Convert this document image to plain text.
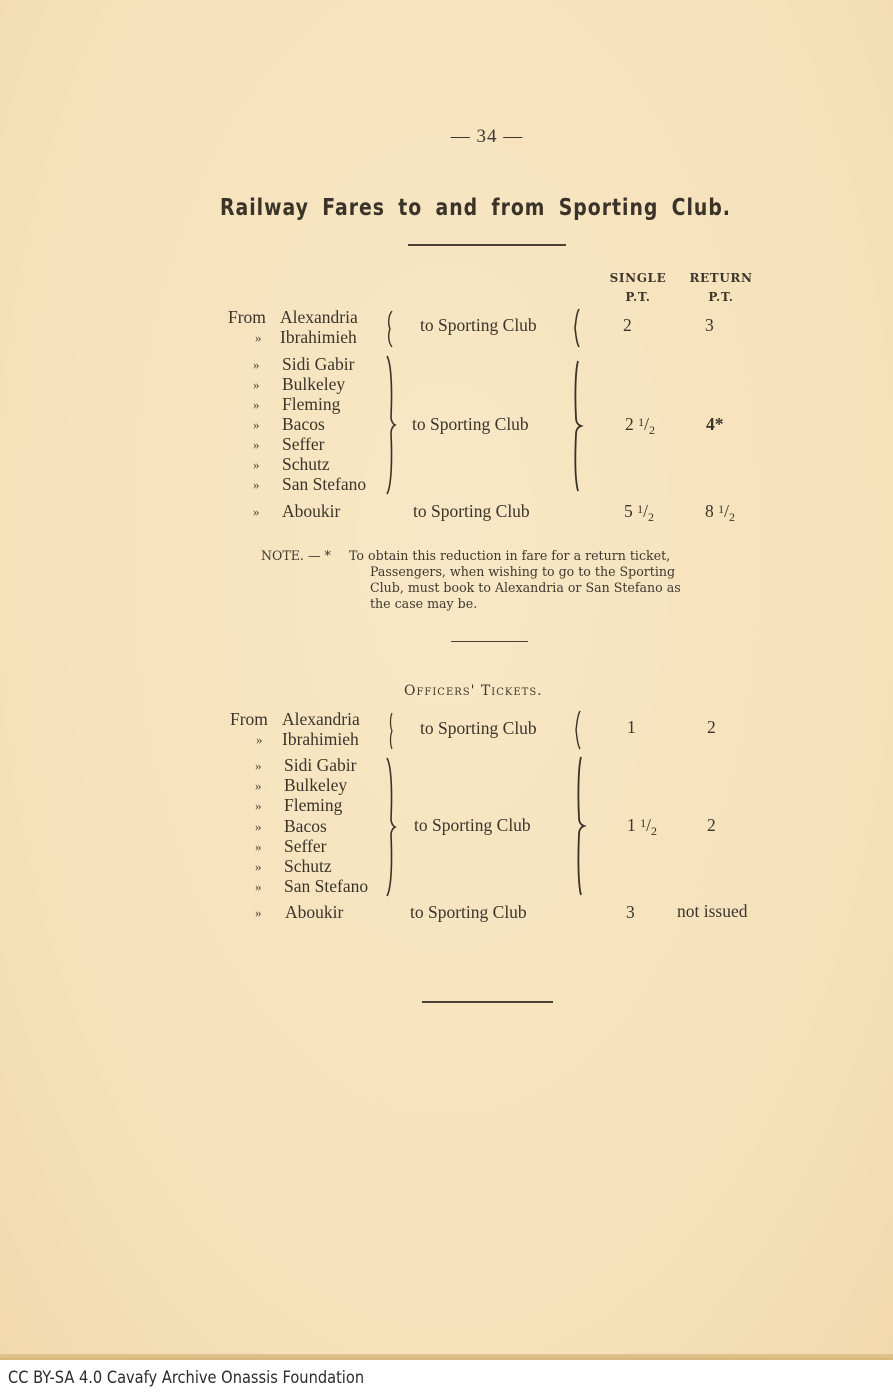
— 34 —
Railway Fares to and from Sporting Club.
SINGLE	RETURN
P.T.	P.T.
From Alexandria
» Ibrahimieh
to Sporting Club	2	3
» Sidi Gabir
» Bulkeley
» Fleming
» Bacos
» Seffer
» Schutz
» San Stefano
to Sporting Club	2 $^1/_2$	4*
» Aboukir	to Sporting Club	5 $^1/_2$	8 $^1/_2$
NOTE. — * To obtain this reduction in fare for a return ticket,
Passengers, when wishing to go to the Sporting
Club, must book to Alexandria or San Stefano as
the case may be.
Officers' Tickets.
From Alexandria
» Ibrahimieh
to Sporting Club	1	2
» Sidi Gabir
» Bulkeley
» Fleming
» Bacos
» Seffer
» Schutz
» San Stefano
to Sporting Club	1 $^1/_2$	2
» Aboukir	to Sporting Club	3 not issued
CC BY-SA 4.0 Cavafy Archive Onassis Foundation
